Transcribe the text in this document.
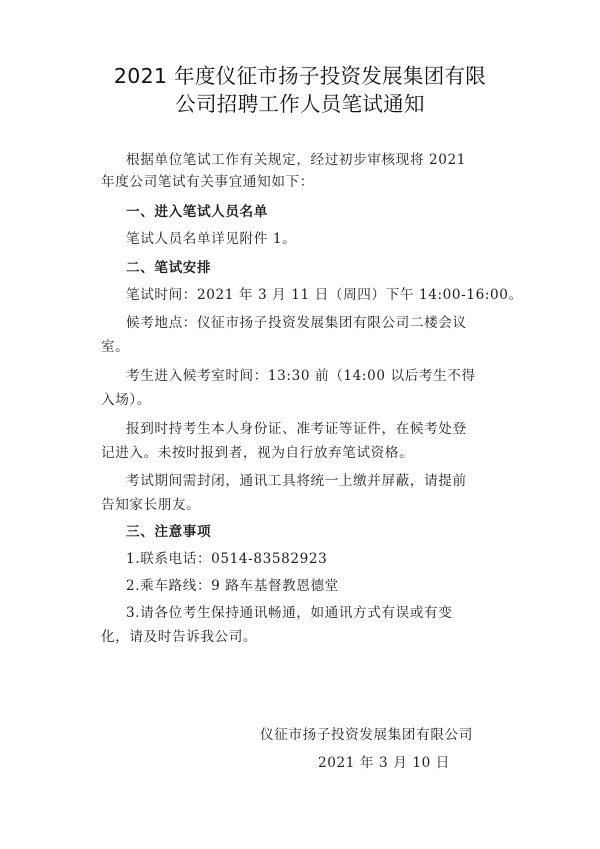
2021 年度仪征市扬子投资发展集团有限
公司招聘工作人员笔试通知
根据单位笔试工作有关规定，经过初步审核现将 2021
年度公司笔试有关事宜通知如下：
一、进入笔试人员名单
笔试人员名单详见附件 1。
二、笔试安排
笔试时间：2021 年 3 月 11 日（周四）下午 14:00-16:00。
候考地点：仪征市扬子投资发展集团有限公司二楼会议
室。
考生进入候考室时间：13:30 前（14:00 以后考生不得
入场）。
报到时持考生本人身份证、准考证等证件，在候考处登
记进入。未按时报到者，视为自行放弃笔试资格。
考试期间需封闭，通讯工具将统一上缴并屏蔽，请提前
告知家长朋友。
三、注意事项
1.联系电话：0514-83582923
2.乘车路线：9 路车基督教恩德堂
3.请各位考生保持通讯畅通，如通讯方式有误或有变
化，请及时告诉我公司。
仪征市扬子投资发展集团有限公司
2021 年 3 月 10 日
